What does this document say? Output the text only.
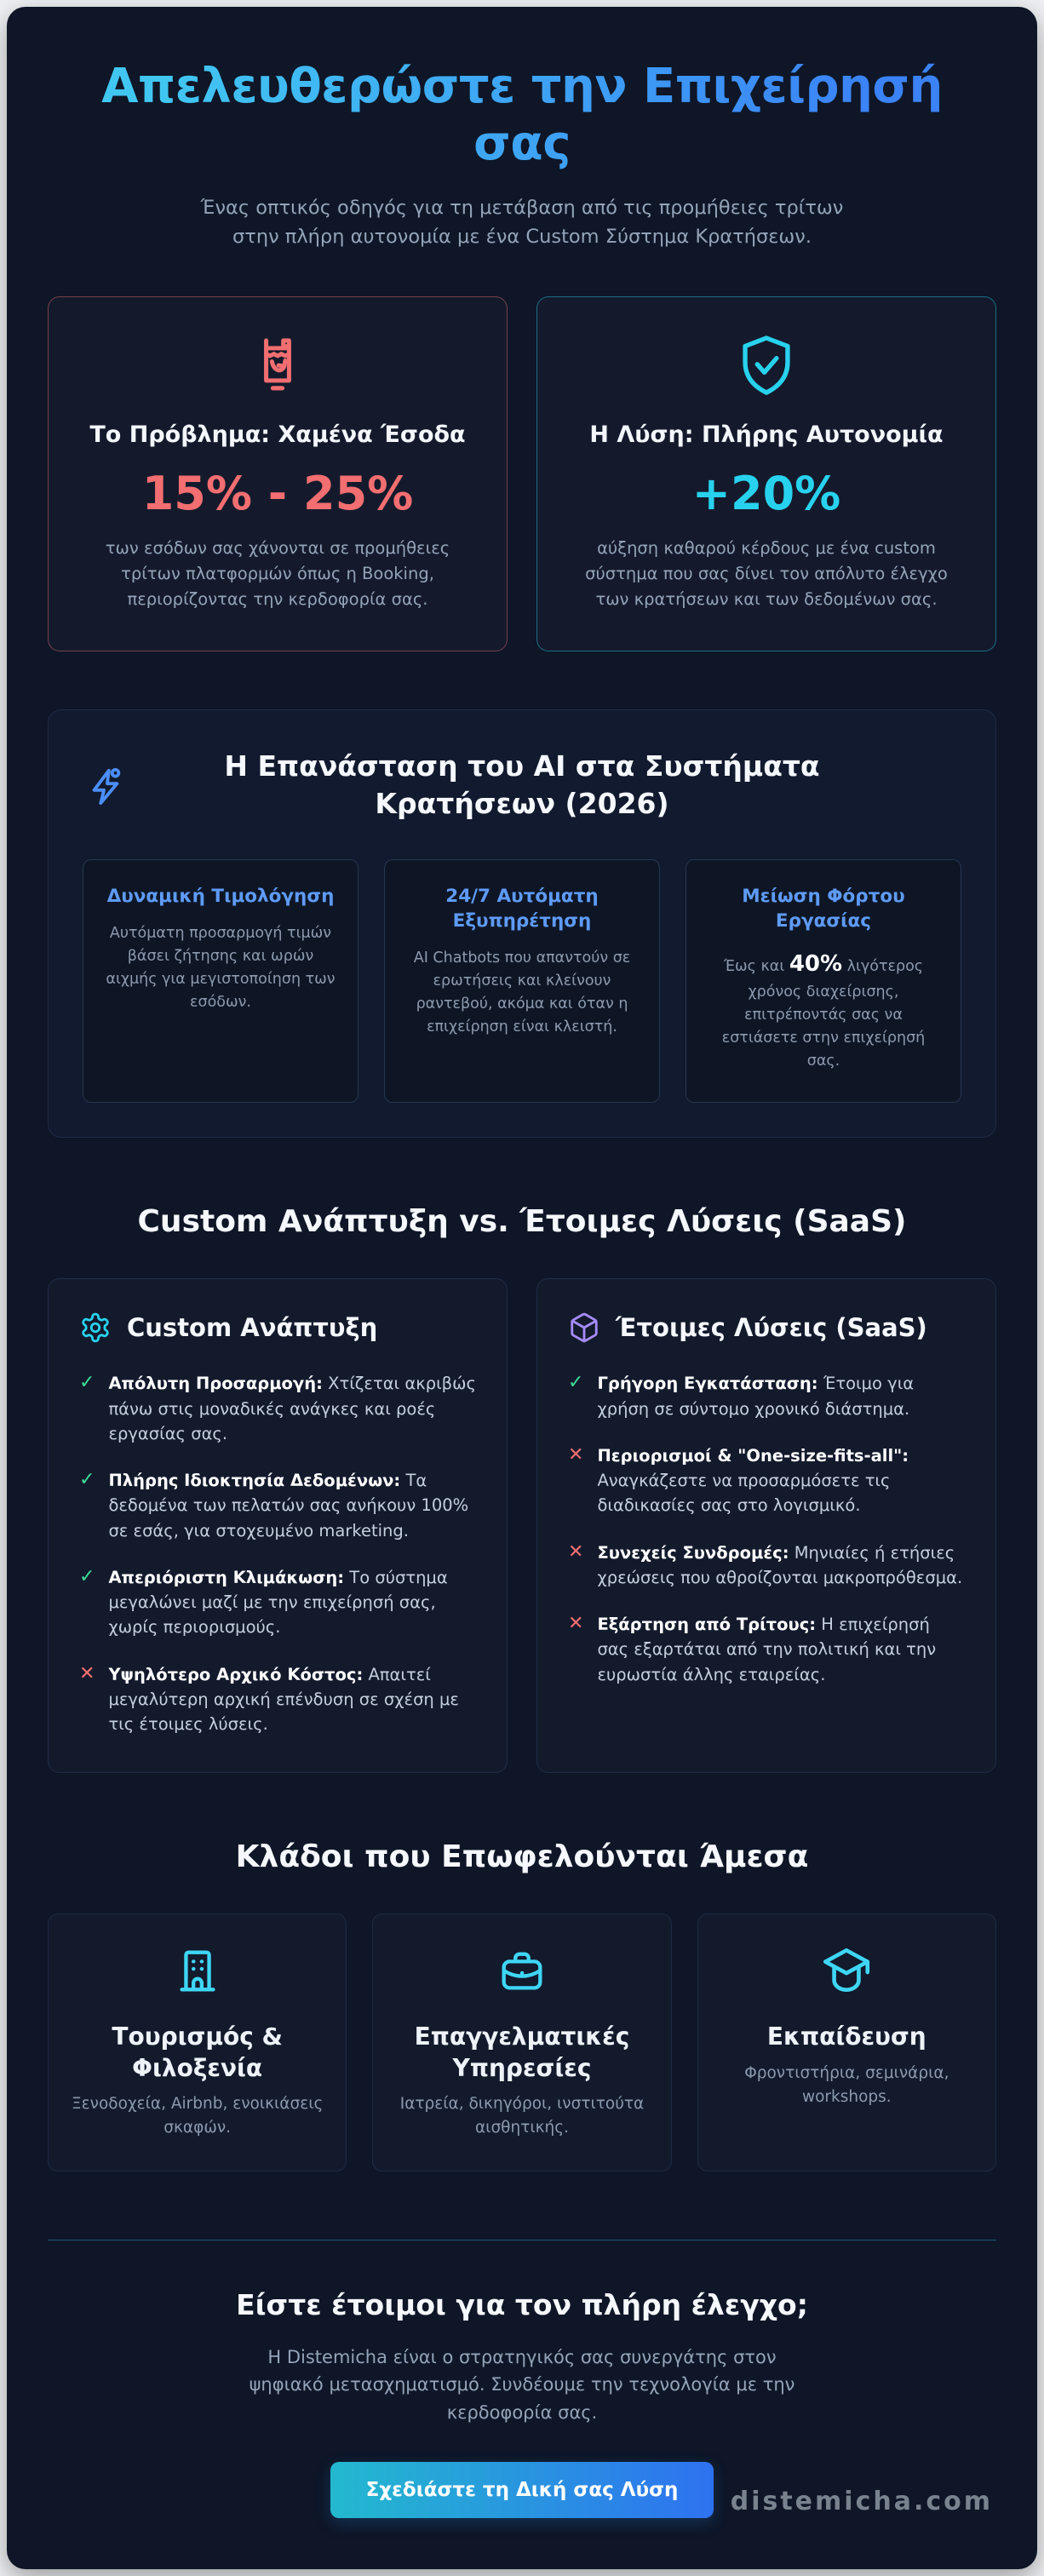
Απελευθερώστε την Επιχείρησή σας

Ένας οπτικός οδηγός για τη μετάβαση από τις προμήθειες τρίτων στην πλήρη αυτονομία με ένα Custom Σύστημα Κρατήσεων.

Το Πρόβλημα: Χαμένα Έσοδα
15% - 25%

των εσόδων σας χάνονται σε προμήθειες τρίτων πλατφορμών όπως η Booking, περιορίζοντας την κερδοφορία σας.

Η Λύση: Πλήρης Αυτονομία
+20%

αύξηση καθαρού κέρδους με ένα custom σύστημα που σας δίνει τον απόλυτο έλεγχο των κρατήσεων και των δεδομένων σας.

Η Επανάσταση του AI στα Συστήματα Κρατήσεων (2026)
Δυναμική Τιμολόγηση

Αυτόματη προσαρμογή τιμών βάσει ζήτησης και ωρών αιχμής για μεγιστοποίηση των εσόδων.

24/7 Αυτόματη Εξυπηρέτηση

AI Chatbots που απαντούν σε ερωτήσεις και κλείνουν ραντεβού, ακόμα και όταν η επιχείρηση είναι κλειστή.

Μείωση Φόρτου Εργασίας

Έως και 40% λιγότερος χρόνος διαχείρισης, επιτρέποντάς σας να εστιάσετε στην επιχείρησή σας.

Custom Ανάπτυξη vs. Έτοιμες Λύσεις (SaaS)
Custom Ανάπτυξη
✓ Απόλυτη Προσαρμογή: Χτίζεται ακριβώς πάνω στις μοναδικές ανάγκες και ροές εργασίας σας.

✓ Πλήρης Ιδιοκτησία Δεδομένων: Τα δεδομένα των πελατών σας ανήκουν 100% σε εσάς, για στοχευμένο marketing.

✓ Απεριόριστη Κλιμάκωση: Το σύστημα μεγαλώνει μαζί με την επιχείρησή σας, χωρίς περιορισμούς.

✕ Υψηλότερο Αρχικό Κόστος: Απαιτεί μεγαλύτερη αρχική επένδυση σε σχέση με τις έτοιμες λύσεις.

Έτοιμες Λύσεις (SaaS)
✓ Γρήγορη Εγκατάσταση: Έτοιμο για χρήση σε σύντομο χρονικό διάστημα.

✕ Περιορισμοί & "One-size-fits-all": Αναγκάζεστε να προσαρμόσετε τις διαδικασίες σας στο λογισμικό.

✕ Συνεχείς Συνδρομές: Μηνιαίες ή ετήσιες χρεώσεις που αθροίζονται μακροπρόθεσμα.

✕ Εξάρτηση από Τρίτους: Η επιχείρησή σας εξαρτάται από την πολιτική και την ευρωστία άλλης εταιρείας.

Κλάδοι που Επωφελούνται Άμεσα
Τουρισμός & Φιλοξενία

Ξενοδοχεία, Airbnb, ενοικιάσεις σκαφών.

Επαγγελματικές Υπηρεσίες

Ιατρεία, δικηγόροι, ινστιτούτα αισθητικής.

Εκπαίδευση

Φροντιστήρια, σεμινάρια, workshops.

Είστε έτοιμοι για τον πλήρη έλεγχο;

Η Distemicha είναι ο στρατηγικός σας συνεργάτης στον ψηφιακό μετασχηματισμό. Συνδέουμε την τεχνολογία με την κερδοφορία σας.

Σχεδιάστε τη Δική σας Λύση distemicha.com
